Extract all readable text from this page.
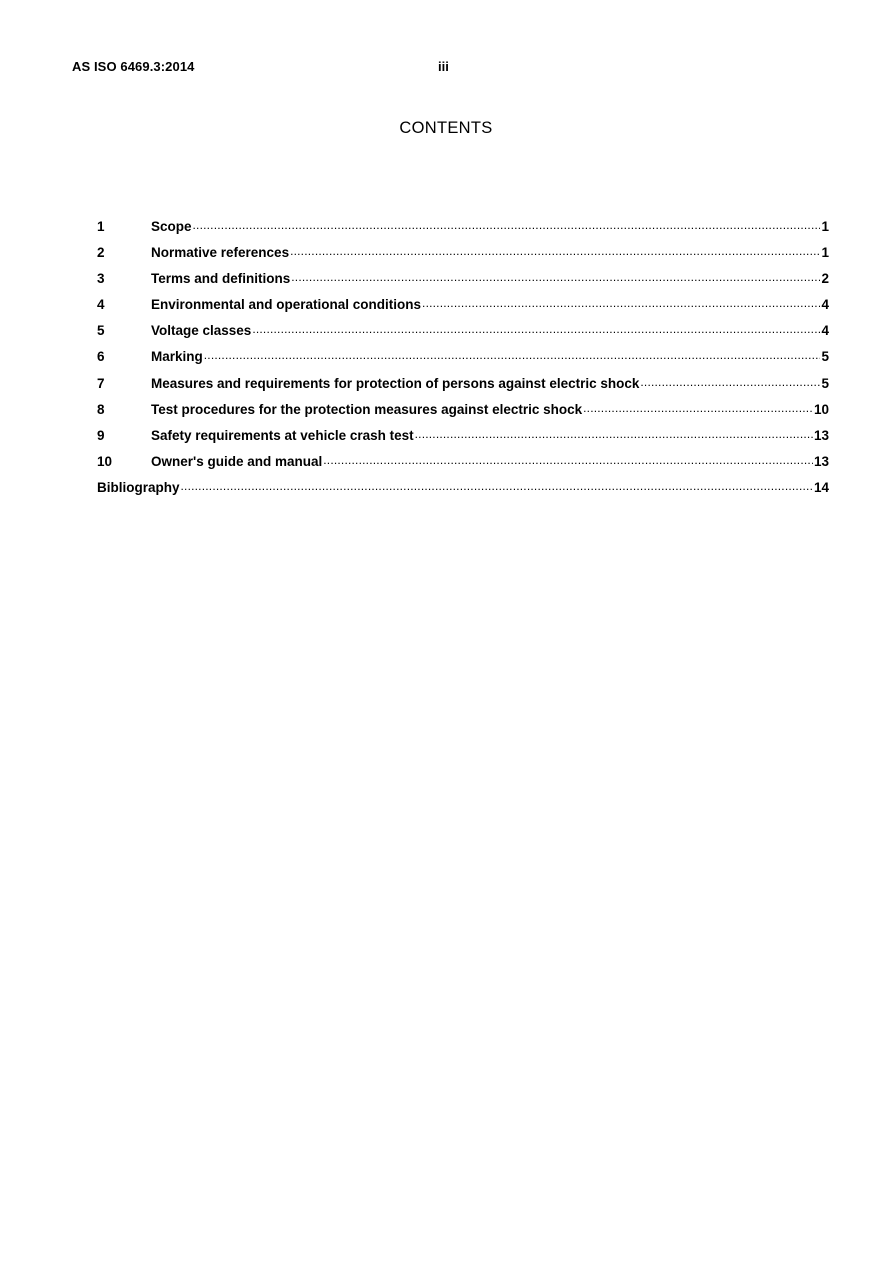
AS ISO 6469.3:2014	iii
CONTENTS
1	Scope .....	1
2	Normative references .....	1
3	Terms and definitions .....	2
4	Environmental and operational conditions .....	4
5	Voltage classes .....	4
6	Marking .....	5
7	Measures and requirements for protection of persons against electric shock .....	5
8	Test procedures for the protection measures against electric shock .....	10
9	Safety requirements at vehicle crash test .....	13
10	Owner's guide and manual .....	13
Bibliography .....	14
